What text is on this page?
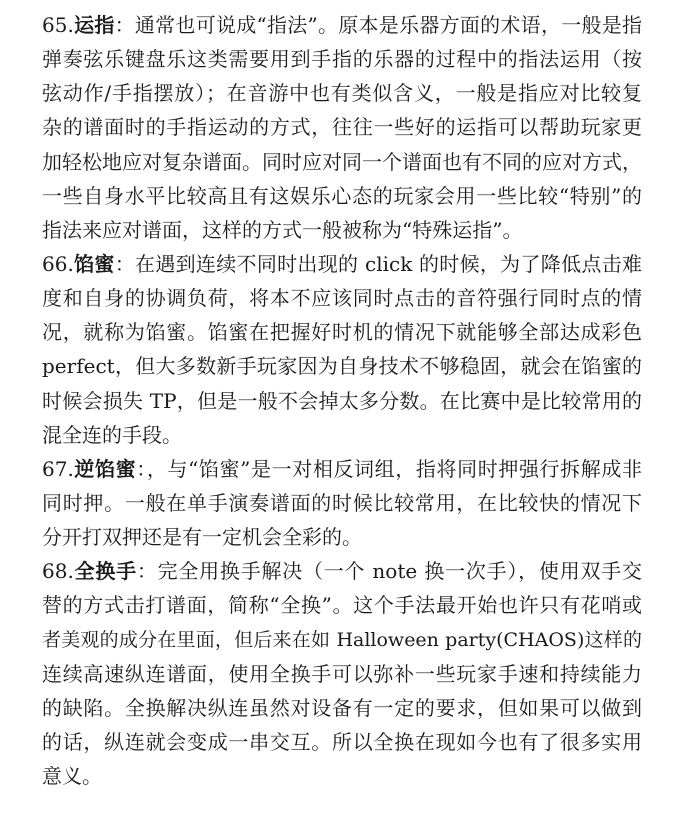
65.运指：通常也可说成“指法”。原本是乐器方面的术语，一般是指
弹奏弦乐键盘乐这类需要用到手指的乐器的过程中的指法运用（按
弦动作/手指摆放）；在音游中也有类似含义，一般是指应对比较复
杂的谱面时的手指运动的方式，往往一些好的运指可以帮助玩家更
加轻松地应对复杂谱面。同时应对同一个谱面也有不同的应对方式，
一些自身水平比较高且有这娱乐心态的玩家会用一些比较“特别”的
指法来应对谱面，这样的方式一般被称为“特殊运指”。
66.馅蜜：在遇到连续不同时出现的 click 的时候，为了降低点击难
度和自身的协调负荷，将本不应该同时点击的音符强行同时点的情
况，就称为馅蜜。馅蜜在把握好时机的情况下就能够全部达成彩色
perfect，但大多数新手玩家因为自身技术不够稳固，就会在馅蜜的
时候会损失 TP，但是一般不会掉太多分数。在比赛中是比较常用的
混全连的手段。
67.逆馅蜜：，与“馅蜜”是一对相反词组，指将同时押强行拆解成非
同时押。一般在单手演奏谱面的时候比较常用，在比较快的情况下
分开打双押还是有一定机会全彩的。
68.全换手：完全用换手解决（一个 note 换一次手），使用双手交
替的方式击打谱面，简称“全换”。这个手法最开始也许只有花哨或
者美观的成分在里面，但后来在如 Halloween party(CHAOS)这样的
连续高速纵连谱面，使用全换手可以弥补一些玩家手速和持续能力
的缺陷。全换解决纵连虽然对设备有一定的要求，但如果可以做到
的话，纵连就会变成一串交互。所以全换在现如今也有了很多实用
意义。
